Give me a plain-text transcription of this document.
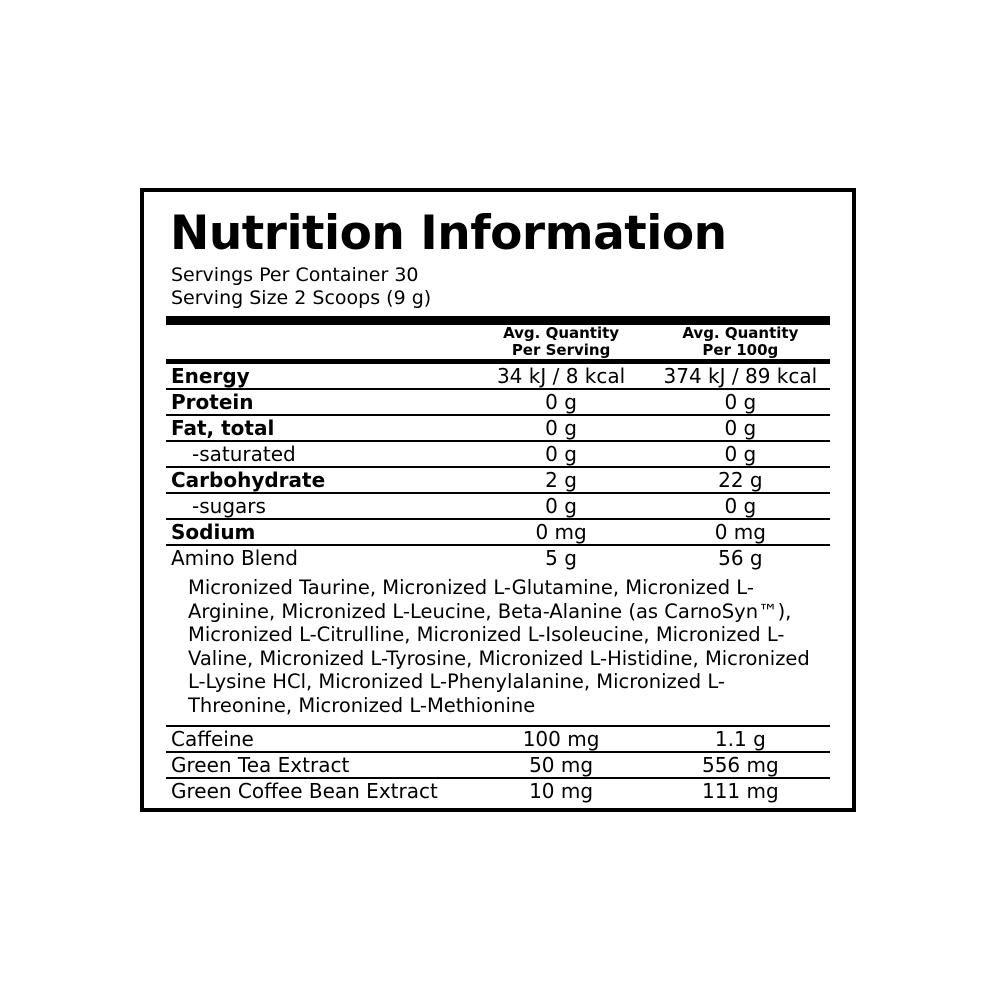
Nutrition Information
Servings Per Container 30
Serving Size 2 Scoops (9 g)

Avg. Quantity
Per Serving

Avg. Quantity
Per 100g
Energy	34 kJ / 8 kcal	374 kJ / 89 kcal
Protein	0 g	0 g
Fat, total	0 g	0 g
-saturated	0 g	0 g
Carbohydrate	2 g	22 g
-sugars	0 g	0 g
Sodium	0 mg	0 mg
Amino Blend	5 g	56 g
Micronized Taurine, Micronized L-Glutamine, Micronized L-Arginine, Micronized L-Leucine, Beta-Alanine (as CarnoSyn™), Micronized L-Citrulline, Micronized L-Isoleucine, Micronized L-Valine, Micronized L-Tyrosine, Micronized L-Histidine, Micronized L-Lysine HCl, Micronized L-Phenylalanine, Micronized L-Threonine, Micronized L-Methionine
Caffeine	100 mg	1.1 g
Green Tea Extract	50 mg	556 mg
Green Coffee Bean Extract	10 mg	111 mg
